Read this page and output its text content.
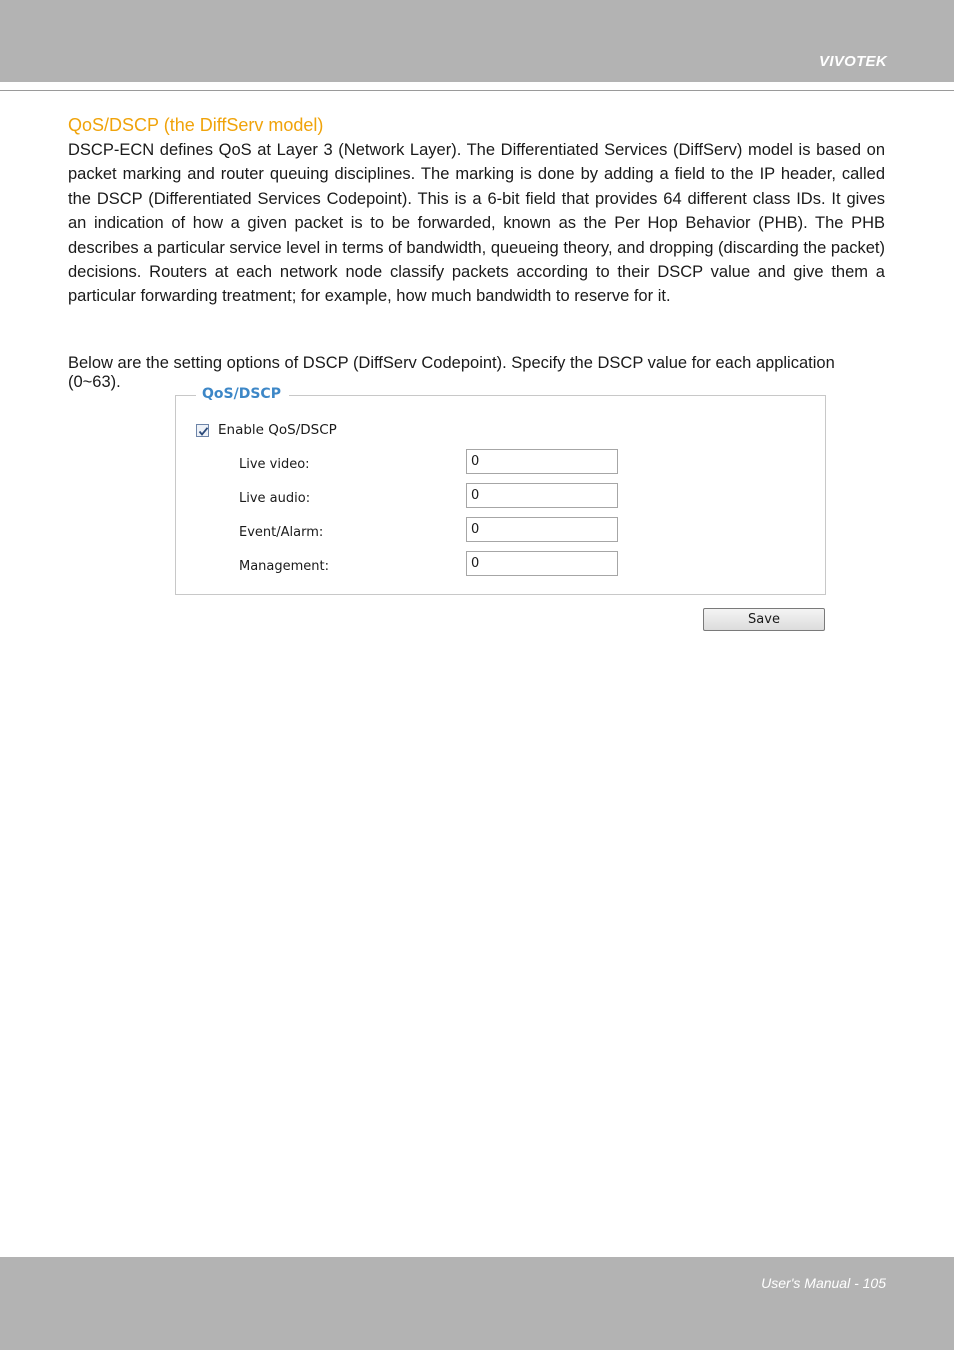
VIVOTEK
QoS/DSCP (the DiffServ model)

DSCP-ECN defines QoS at Layer 3 (Network Layer). The Differentiated Services (DiffServ) model is based on packet marking and router queuing disciplines. The marking is done by adding a field to the IP header, called the DSCP (Differentiated Services Codepoint). This is a 6-bit field that provides 64 different class IDs. It gives an indication of how a given packet is to be forwarded, known as the Per Hop Behavior (PHB). The PHB describes a particular service level in terms of bandwidth, queueing theory, and dropping (discarding the packet) decisions. Routers at each network node classify packets according to their DSCP value and give them a particular forwarding treatment; for example, how much bandwidth to reserve for it.

Below are the setting options of DSCP (DiffServ Codepoint). Specify the DSCP value for each application (0~63).

QoS/DSCP
Enable QoS/DSCP
Live video:	0
Live audio:	0
Event/Alarm:	0
Management:	0
Save
User's Manual - 105
